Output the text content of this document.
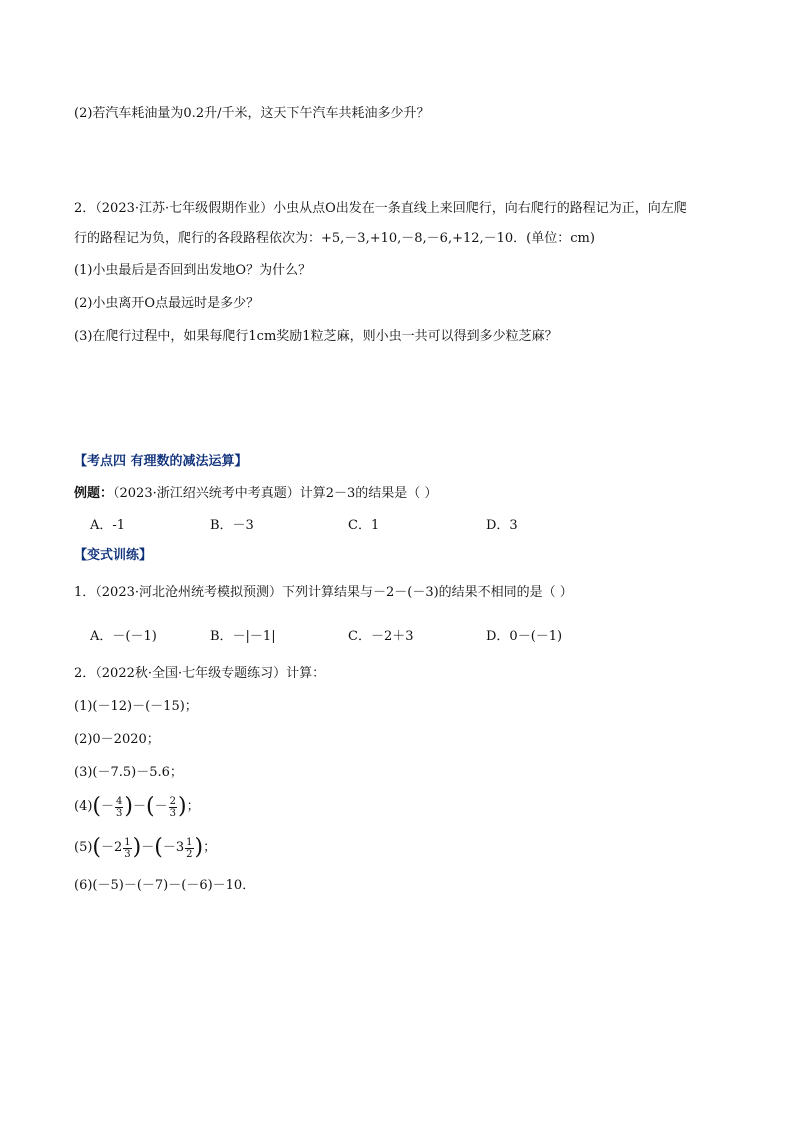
(2)若汽车耗油量为0.2升/千米，这天下午汽车共耗油多少升？
2．（2023·江苏·七年级假期作业）小虫从点O出发在一条直线上来回爬行，向右爬行的路程记为正，向左爬
行的路程记为负，爬行的各段路程依次为：+5,－3,+10,－8,－6,+12,－10．(单位：cm)
(1)小虫最后是否回到出发地O？为什么？
(2)小虫离开O点最远时是多少？
(3)在爬行过程中，如果每爬行1cm奖励1粒芝麻，则小虫一共可以得到多少粒芝麻？
【考点四 有理数的减法运算】
例题：（2023·浙江绍兴统考中考真题）计算2－3的结果是（ ）
A．-1	B．－3	C．1	D．3
【变式训练】
1．（2023·河北沧州统考模拟预测）下列计算结果与－2－(－3)的结果不相同的是（ ）
A．－(－1)	B．－|－1|	C．－2＋3	D．0－(－1)
2．（2022秋·全国·七年级专题练习）计算：
(1)(－12)－(－15)；
(2)0－2020；
(3)(－7.5)－5.6；
(4) ( － $\frac{4}{3}$ ) － ( － $\frac{2}{3}$ ) ；
(5) ( $-2 \frac{1}{3}$ ) － ( $-3 \frac{1}{2}$ ) ；
(6)(－5)－(－7)－(－6)－10．
